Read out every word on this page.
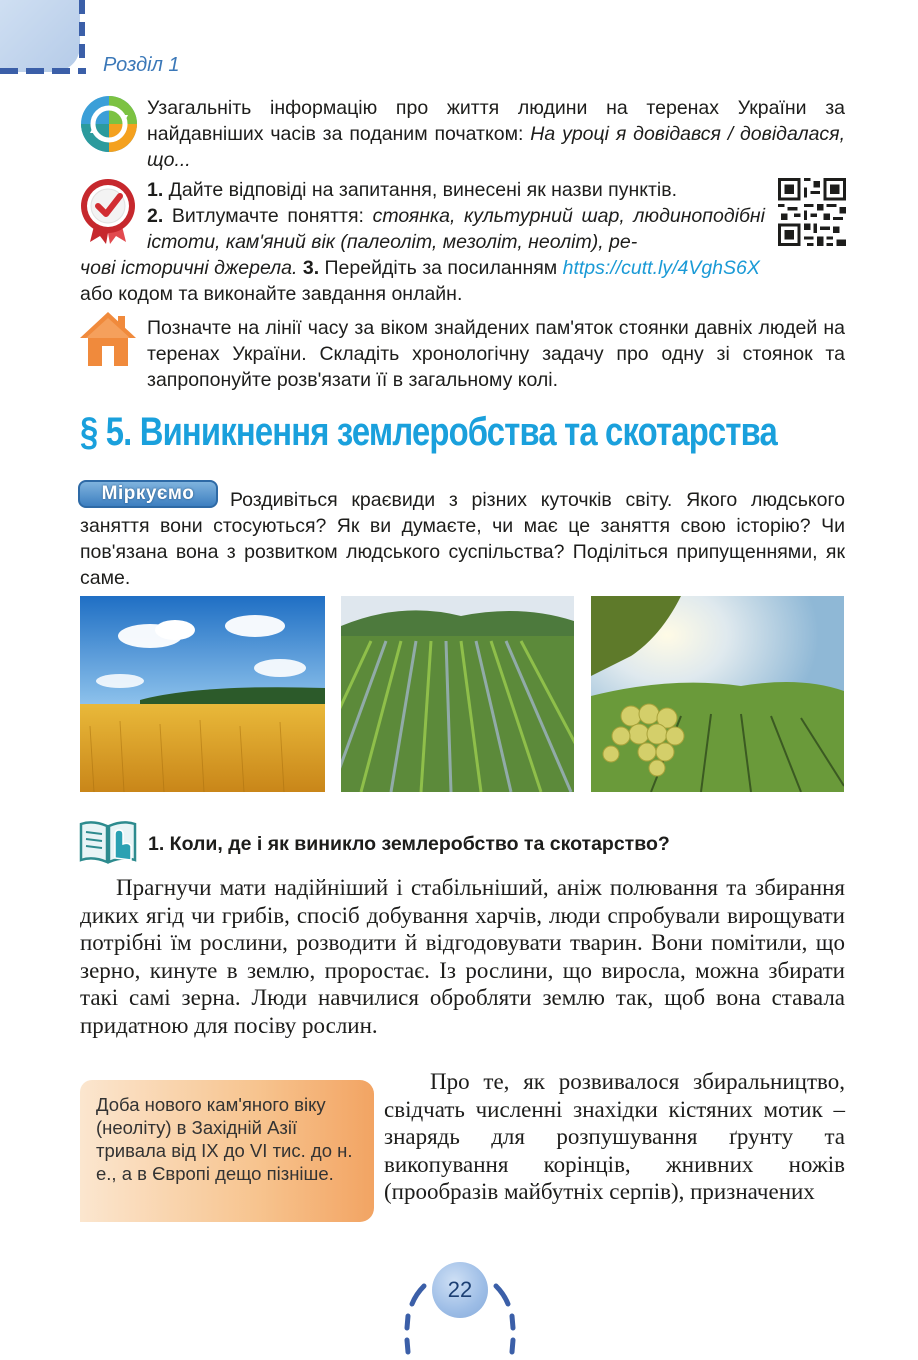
Розділ 1
Узагальніть інформацію про життя людини на теренах України за найдавніших часів за поданим початком: На уроці я довідався / довідалася, що...
1. Дайте відповіді на запитання, винесені як назви пунктів.
2. Витлумачте поняття: стоянка, культурний шар, людиноподібні істоти, кам'яний вік (палеоліт, мезоліт, неоліт), ре-
чові історичні джерела. 3. Перейдіть за посиланням https://cutt.ly/4VghS6X
або кодом та виконайте завдання онлайн.
Позначте на лінії часу за віком знайдених пам'яток стоянки давніх людей на теренах України. Складіть хронологічну задачу про одну зі стоянок та запропонуйте розв'язати її в загальному колі.
§ 5. Виникнення землеробства та скотарства
Роздивіться краєвиди з різних куточків світу. Якого людського заняття вони стосуються? Як ви думаєте, чи має це заняття свою історію? Чи пов'язана вона з розвитком людського суспільства? Поділіться припущеннями, як саме.
Міркуємо
1. Коли, де і як виникло землеробство та скотарство?
Прагнучи мати надійніший і стабільніший, аніж полювання та збирання диких ягід чи грибів, спосіб добування харчів, люди спробували вирощувати потрібні їм рослини, розводити й відгодовувати тварин. Вони помітили, що зерно, кинуте в землю, проростає. Із рослини, що виросла, можна збирати такі самі зерна. Люди навчилися обробляти землю так, щоб вона ставала придатною для посіву рослин.
Доба нового кам'яного віку (неоліту) в Західній Азії тривала від IX до VI тис. до н. е., а в Європі дещо пізніше.
Про те, як розвивалося збиральництво, свідчать численні знахідки кістяних мотик – знарядь для розпушування ґрунту та викопування корінців, жнивних ножів (прообразів майбутніх серпів), призначених
22
